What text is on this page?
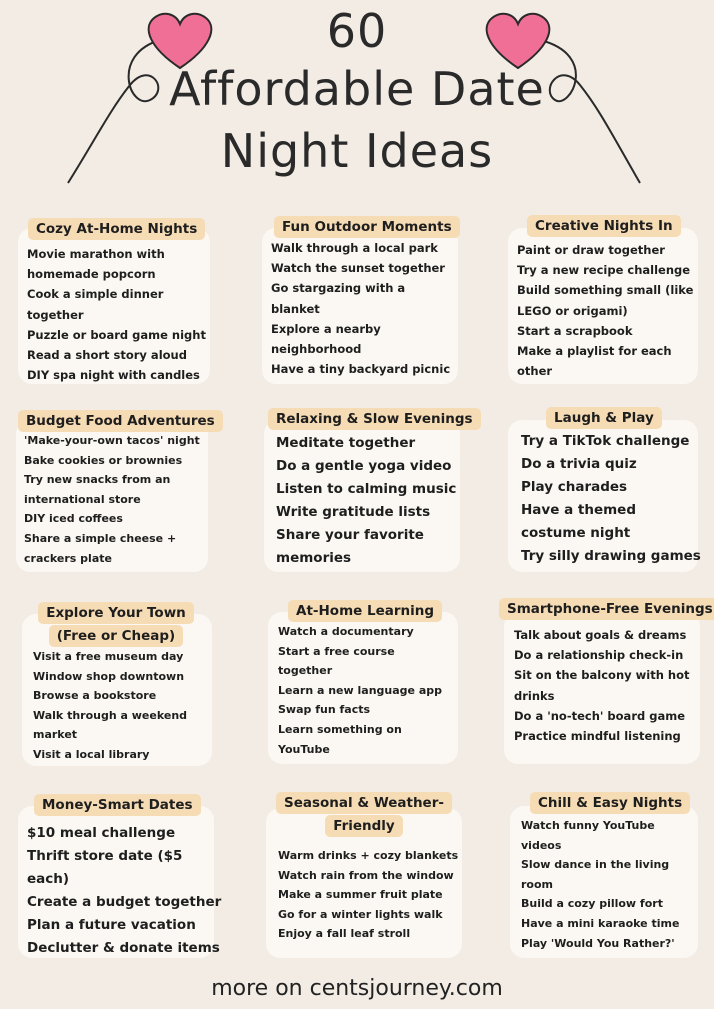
60
Affordable Date
Night Ideas
Cozy At-Home Nights
Movie marathon with
homemade popcorn
Cook a simple dinner
together
Puzzle or board game night
Read a short story aloud
DIY spa night with candles
Fun Outdoor Moments
Walk through a local park
Watch the sunset together
Go stargazing with a
blanket
Explore a nearby
neighborhood
Have a tiny backyard picnic
Creative Nights In
Paint or draw together
Try a new recipe challenge
Build something small (like
LEGO or origami)
Start a scrapbook
Make a playlist for each
other
Budget Food Adventures
'Make-your-own tacos' night
Bake cookies or brownies
Try new snacks from an
international store
DIY iced coffees
Share a simple cheese +
crackers plate
Relaxing & Slow Evenings
Meditate together
Do a gentle yoga video
Listen to calming music
Write gratitude lists
Share your favorite
memories
Laugh & Play
Try a TikTok challenge
Do a trivia quiz
Play charades
Have a themed
costume night
Try silly drawing games
Explore Your Town
(Free or Cheap)
Visit a free museum day
Window shop downtown
Browse a bookstore
Walk through a weekend
market
Visit a local library
At-Home Learning
Watch a documentary
Start a free course
together
Learn a new language app
Swap fun facts
Learn something on
YouTube
Smartphone-Free Evenings
Talk about goals & dreams
Do a relationship check-in
Sit on the balcony with hot
drinks
Do a 'no-tech' board game
Practice mindful listening
Money-Smart Dates
$10 meal challenge
Thrift store date ($5
each)
Create a budget together
Plan a future vacation
Declutter & donate items
Seasonal & Weather-
Friendly
Warm drinks + cozy blankets
Watch rain from the window
Make a summer fruit plate
Go for a winter lights walk
Enjoy a fall leaf stroll
Chill & Easy Nights
Watch funny YouTube
videos
Slow dance in the living
room
Build a cozy pillow fort
Have a mini karaoke time
Play 'Would You Rather?'
more on centsjourney.com
